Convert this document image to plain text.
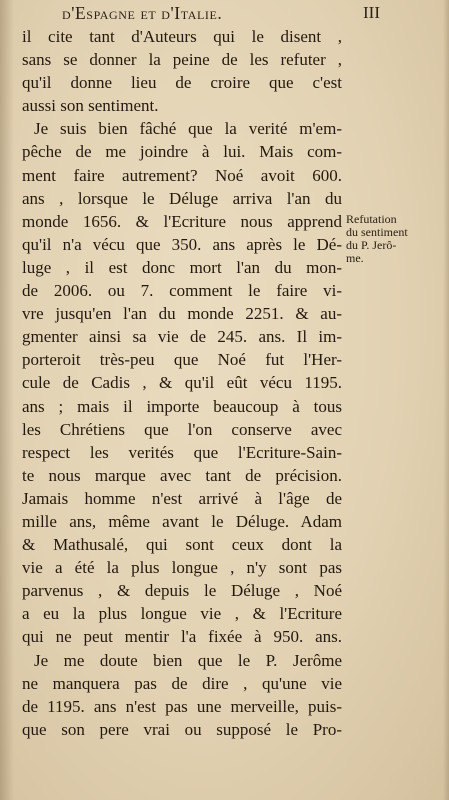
d'Espagne et d'Italie.	III
il cite tant d'Auteurs qui le disent ,
sans se donner la peine de les refuter ,
qu'il donne lieu de croire que c'est
aussi son sentiment.
Je suis bien fâché que la verité m'em-
pêche de me joindre à lui. Mais com-
ment faire autrement? Noé avoit 600.
ans , lorsque le Déluge arriva l'an du
monde 1656. & l'Ecriture nous apprend
qu'il n'a vécu que 350. ans après le Dé-
luge , il est donc mort l'an du mon-
de 2006. ou 7. comment le faire vi-
vre jusqu'en l'an du monde 2251. & au-
gmenter ainsi sa vie de 245. ans. Il im-
porteroit très-peu que Noé fut l'Her-
cule de Cadis , & qu'il eût vécu 1195.
ans ; mais il importe beaucoup à tous
les Chrétiens que l'on conserve avec
respect les verités que l'Ecriture-Sain-
te nous marque avec tant de précision.
Jamais homme n'est arrivé à l'âge de
mille ans, même avant le Déluge. Adam
& Mathusalé, qui sont ceux dont la
vie a été la plus longue , n'y sont pas
parvenus , & depuis le Déluge , Noé
a eu la plus longue vie , & l'Ecriture
qui ne peut mentir l'a fixée à 950. ans.
Je me doute bien que le P. Jerôme
ne manquera pas de dire , qu'une vie
de 1195. ans n'est pas une merveille, puis-
que son pere vrai ou supposé le Pro-
Refutation
du sentiment
du P. Jerô-
me.
